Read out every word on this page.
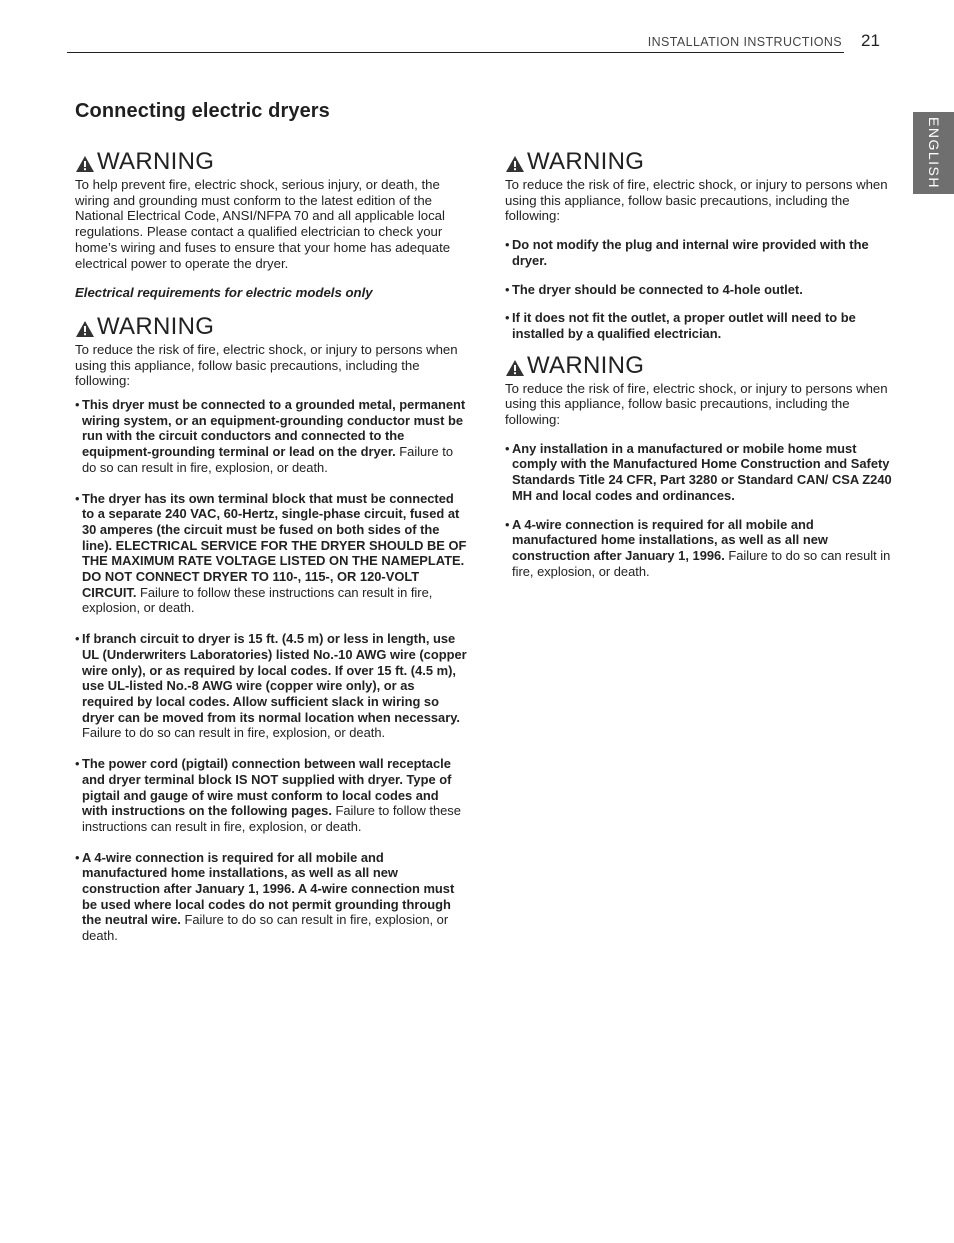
INSTALLATION INSTRUCTIONS 21
ENGLISH
Connecting electric dryers
WARNING

To help prevent fire, electric shock, serious injury, or death, the wiring and grounding must conform to the latest edition of the National Electrical Code, ANSI/NFPA 70 and all applicable local regulations. Please contact a qualified electrician to check your home’s wiring and fuses to ensure that your home has adequate electrical power to operate the dryer.

Electrical requirements for electric models only

WARNING

To reduce the risk of fire, electric shock, or injury to persons when using this appliance, follow basic precautions, including the following:

• This dryer must be connected to a grounded metal, permanent wiring system, or an equipment-grounding conductor must be run with the circuit conductors and connected to the equipment-grounding terminal or lead on the dryer. Failure to do so can result in fire, explosion, or death.
• The dryer has its own terminal block that must be connected to a separate 240 VAC, 60-Hertz, single-phase circuit, fused at 30 amperes (the circuit must be fused on both sides of the line). ELECTRICAL SERVICE FOR THE DRYER SHOULD BE OF THE MAXIMUM RATE VOLTAGE LISTED ON THE NAMEPLATE. DO NOT CONNECT DRYER TO 110-, 115-, OR 120-VOLT CIRCUIT. Failure to follow these instructions can result in fire, explosion, or death.
• If branch circuit to dryer is 15 ft. (4.5 m) or less in length, use UL (Underwriters Laboratories) listed No.-10 AWG wire (copper wire only), or as required by local codes. If over 15 ft. (4.5 m), use UL-listed No.-8 AWG wire (copper wire only), or as required by local codes. Allow sufficient slack in wiring so dryer can be moved from its normal location when necessary. Failure to do so can result in fire, explosion, or death.
• The power cord (pigtail) connection between wall receptacle and dryer terminal block IS NOT supplied with dryer. Type of pigtail and gauge of wire must conform to local codes and with instructions on the following pages. Failure to follow these instructions can result in fire, explosion, or death.
• A 4-wire connection is required for all mobile and manufactured home installations, as well as all new construction after January 1, 1996. A 4-wire connection must be used where local codes do not permit grounding through the neutral wire. Failure to do so can result in fire, explosion, or death.
WARNING

To reduce the risk of fire, electric shock, or injury to persons when using this appliance, follow basic precautions, including the following:

• Do not modify the plug and internal wire provided with the dryer.
• The dryer should be connected to 4-hole outlet.
• If it does not fit the outlet, a proper outlet will need to be installed by a qualified electrician.
WARNING

To reduce the risk of fire, electric shock, or injury to persons when using this appliance, follow basic precautions, including the following:

• Any installation in a manufactured or mobile home must comply with the Manufactured Home Construction and Safety Standards Title 24 CFR, Part 3280 or Standard CAN/ CSA Z240 MH and local codes and ordinances.
• A 4-wire connection is required for all mobile and manufactured home installations, as well as all new construction after January 1, 1996. Failure to do so can result in fire, explosion, or death.
